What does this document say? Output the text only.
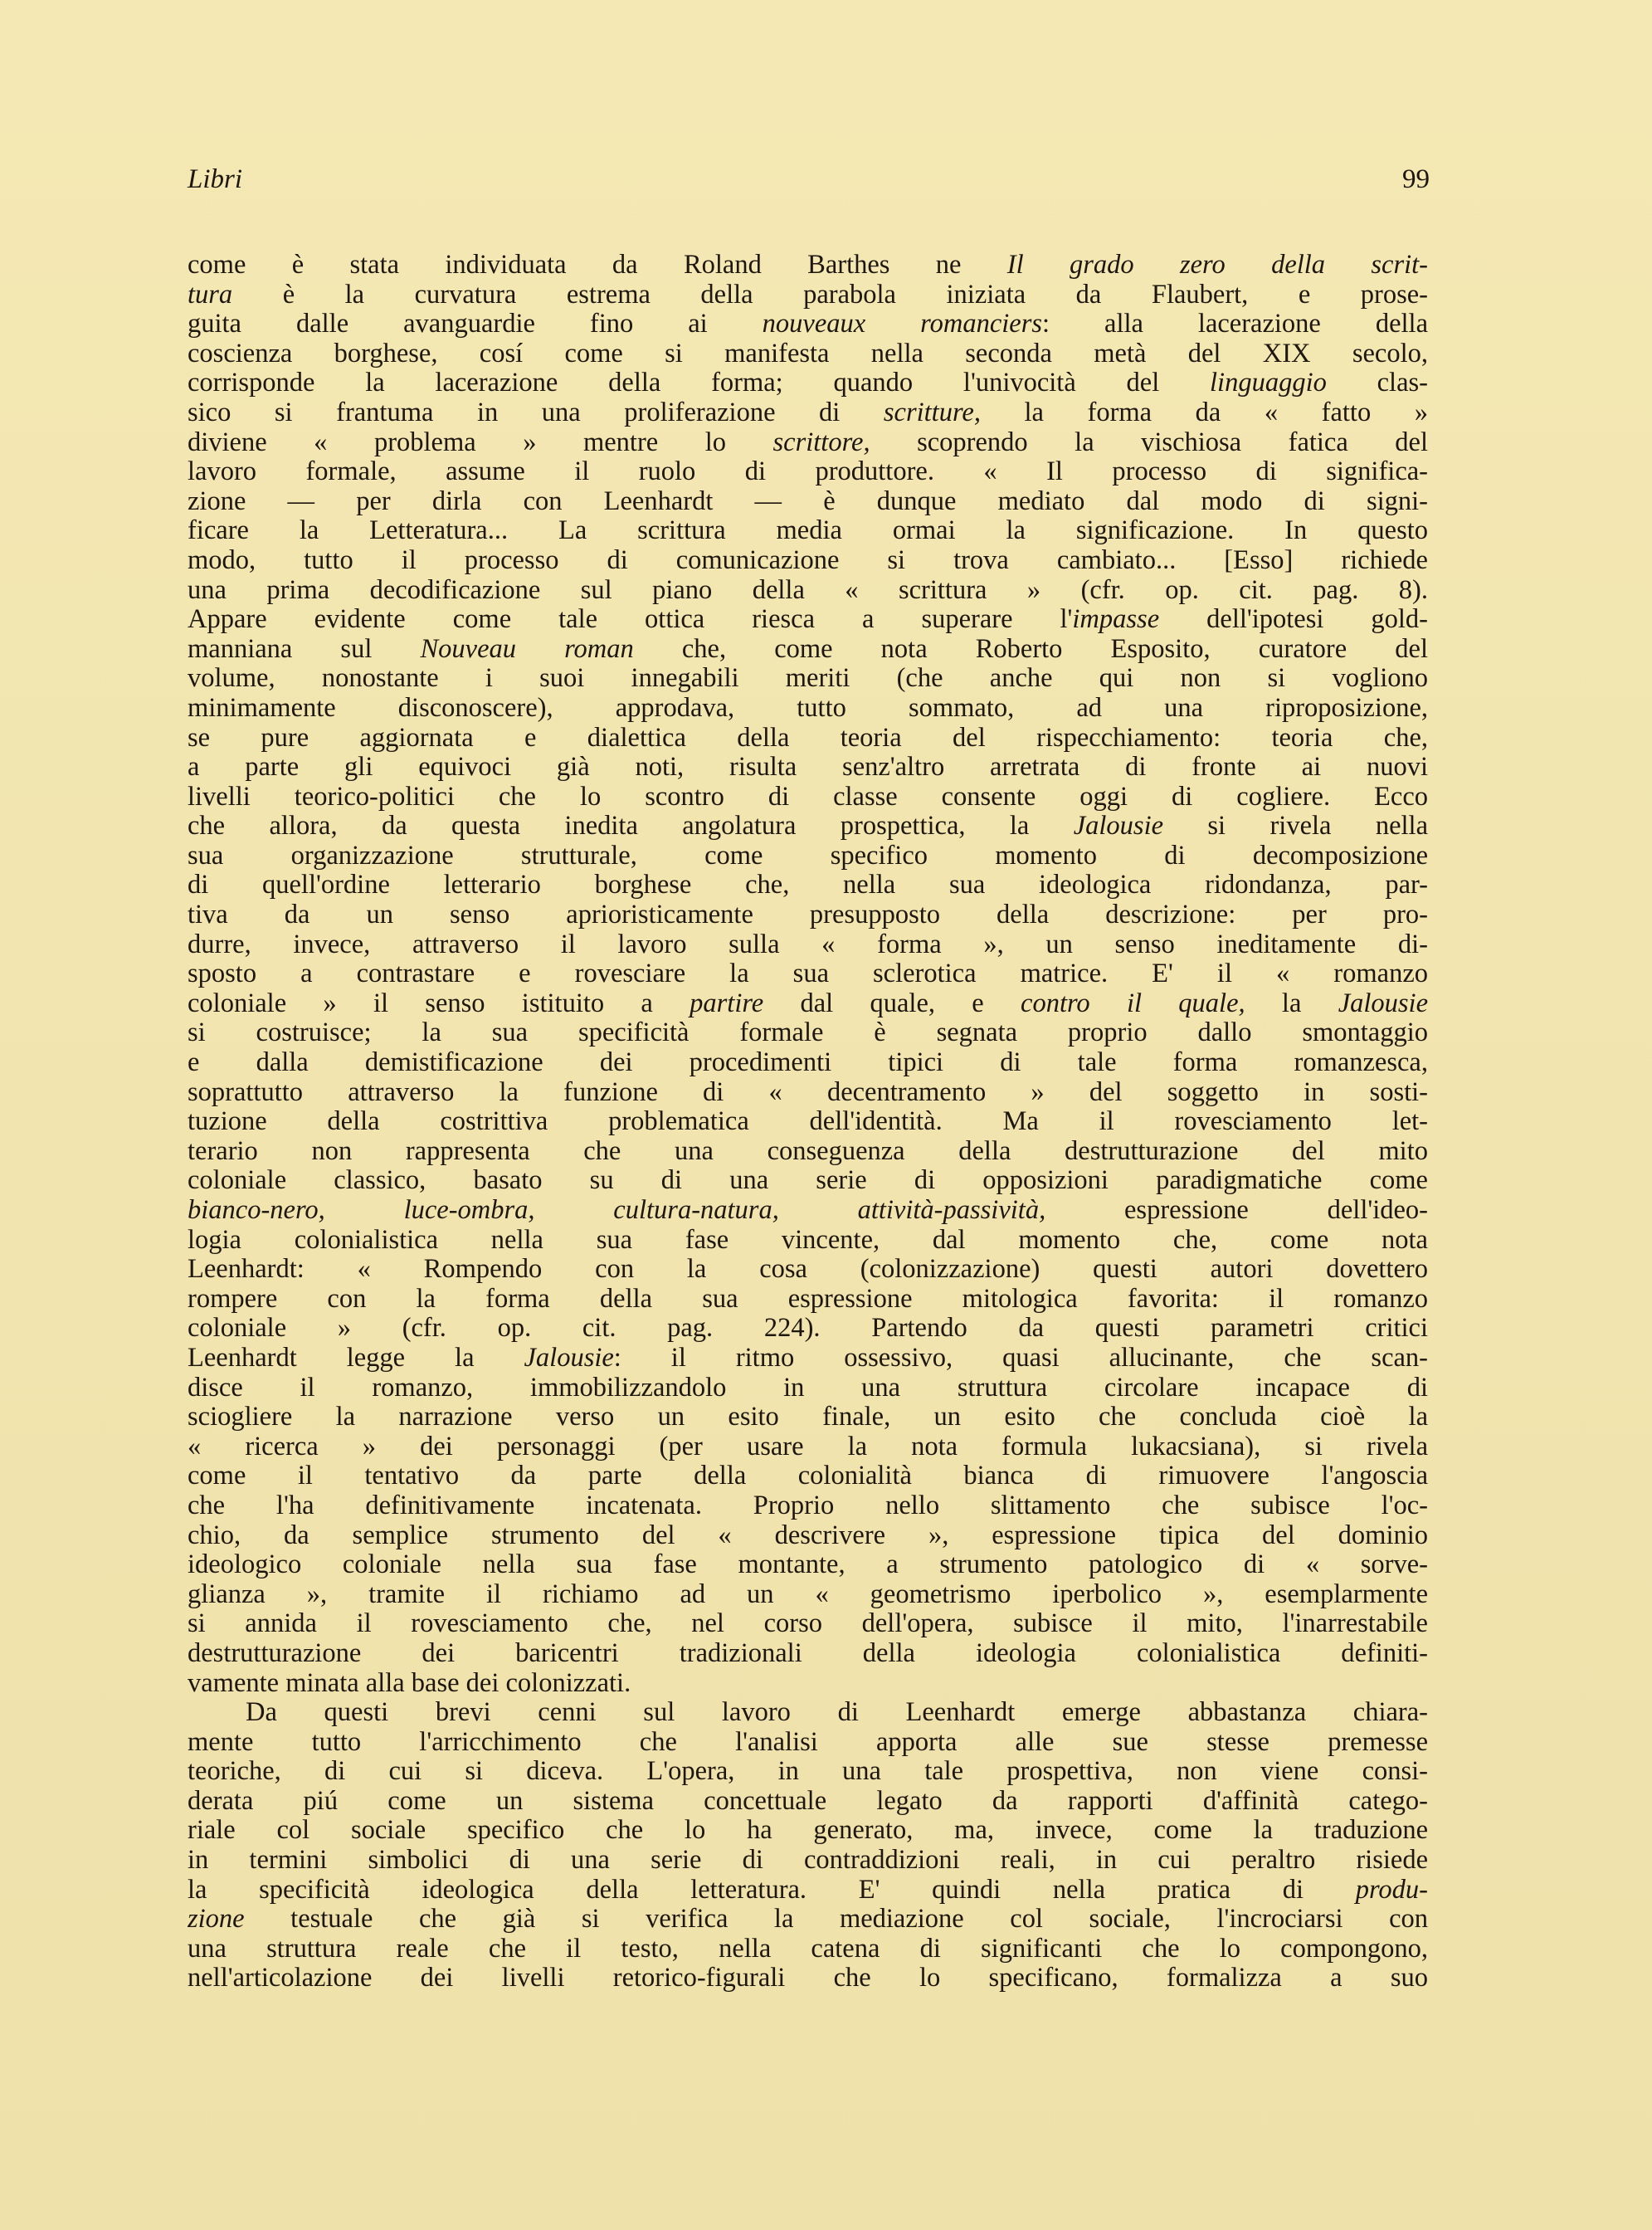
Libri	99
come è stata individuata da Roland Barthes ne Il grado zero della scrit-
tura è la curvatura estrema della parabola iniziata da Flaubert, e prose-
guita dalle avanguardie fino ai nouveaux romanciers: alla lacerazione della
coscienza borghese, cosí come si manifesta nella seconda metà del XIX secolo,
corrisponde la lacerazione della forma; quando l'univocità del linguaggio clas-
sico si frantuma in una proliferazione di scritture, la forma da « fatto »
diviene « problema » mentre lo scrittore, scoprendo la vischiosa fatica del
lavoro formale, assume il ruolo di produttore. « Il processo di significa-
zione — per dirla con Leenhardt — è dunque mediato dal modo di signi-
ficare la Letteratura... La scrittura media ormai la significazione. In questo
modo, tutto il processo di comunicazione si trova cambiato... [Esso] richiede
una prima decodificazione sul piano della « scrittura » (cfr. op. cit. pag. 8).
Appare evidente come tale ottica riesca a superare l'impasse dell'ipotesi gold-
manniana sul Nouveau roman che, come nota Roberto Esposito, curatore del
volume, nonostante i suoi innegabili meriti (che anche qui non si vogliono
minimamente disconoscere), approdava, tutto sommato, ad una riproposizione,
se pure aggiornata e dialettica della teoria del rispecchiamento: teoria che,
a parte gli equivoci già noti, risulta senz'altro arretrata di fronte ai nuovi
livelli teorico-politici che lo scontro di classe consente oggi di cogliere. Ecco
che allora, da questa inedita angolatura prospettica, la Jalousie si rivela nella
sua organizzazione strutturale, come specifico momento di decomposizione
di quell'ordine letterario borghese che, nella sua ideologica ridondanza, par-
tiva da un senso aprioristicamente presupposto della descrizione: per pro-
durre, invece, attraverso il lavoro sulla « forma », un senso ineditamente di-
sposto a contrastare e rovesciare la sua sclerotica matrice. E' il « romanzo
coloniale » il senso istituito a partire dal quale, e contro il quale, la Jalousie
si costruisce; la sua specificità formale è segnata proprio dallo smontaggio
e dalla demistificazione dei procedimenti tipici di tale forma romanzesca,
soprattutto attraverso la funzione di « decentramento » del soggetto in sosti-
tuzione della costrittiva problematica dell'identità. Ma il rovesciamento let-
terario non rappresenta che una conseguenza della destrutturazione del mito
coloniale classico, basato su di una serie di opposizioni paradigmatiche come
bianco-nero, luce-ombra, cultura-natura, attività-passività, espressione dell'ideo-
logia colonialistica nella sua fase vincente, dal momento che, come nota
Leenhardt: « Rompendo con la cosa (colonizzazione) questi autori dovettero
rompere con la forma della sua espressione mitologica favorita: il romanzo
coloniale » (cfr. op. cit. pag. 224). Partendo da questi parametri critici
Leenhardt legge la Jalousie: il ritmo ossessivo, quasi allucinante, che scan-
disce il romanzo, immobilizzandolo in una struttura circolare incapace di
sciogliere la narrazione verso un esito finale, un esito che concluda cioè la
« ricerca » dei personaggi (per usare la nota formula lukacsiana), si rivela
come il tentativo da parte della colonialità bianca di rimuovere l'angoscia
che l'ha definitivamente incatenata. Proprio nello slittamento che subisce l'oc-
chio, da semplice strumento del « descrivere », espressione tipica del dominio
ideologico coloniale nella sua fase montante, a strumento patologico di « sorve-
glianza », tramite il richiamo ad un « geometrismo iperbolico », esemplarmente
si annida il rovesciamento che, nel corso dell'opera, subisce il mito, l'inarrestabile
destrutturazione dei baricentri tradizionali della ideologia colonialistica definiti-
vamente minata alla base dei colonizzati.
Da questi brevi cenni sul lavoro di Leenhardt emerge abbastanza chiara-
mente tutto l'arricchimento che l'analisi apporta alle sue stesse premesse
teoriche, di cui si diceva. L'opera, in una tale prospettiva, non viene consi-
derata piú come un sistema concettuale legato da rapporti d'affinità catego-
riale col sociale specifico che lo ha generato, ma, invece, come la traduzione
in termini simbolici di una serie di contraddizioni reali, in cui peraltro risiede
la specificità ideologica della letteratura. E' quindi nella pratica di produ-
zione testuale che già si verifica la mediazione col sociale, l'incrociarsi con
una struttura reale che il testo, nella catena di significanti che lo compongono,
nell'articolazione dei livelli retorico-figurali che lo specificano, formalizza a suo
